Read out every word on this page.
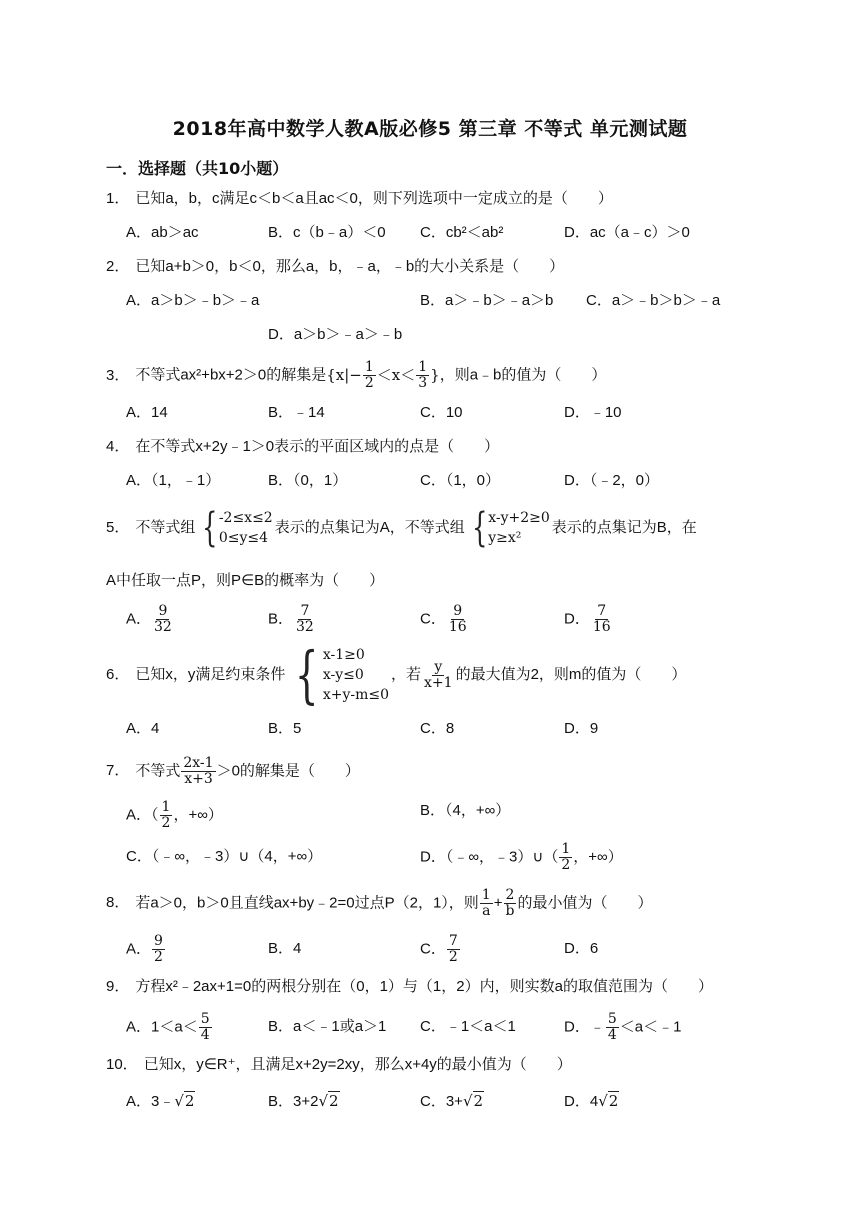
2018年高中数学人教A版必修5 第三章 不等式 单元测试题
一．选择题（共10小题）
1． 已知a，b，c满足c＜b＜a且ac＜0，则下列选项中一定成立的是（　　）
A．ab＞ac	B．c（b﹣a）＜0 C．cb²＜ab²	D．ac（a﹣c）＞0
2． 已知a+b＞0，b＜0，那么a，b，﹣a，﹣b的大小关系是（　　）
A．a＞b＞﹣b＞﹣a	B．a＞﹣b＞﹣a＞b C．a＞﹣b＞b＞﹣a
D．a＞b＞﹣a＞﹣b
3． 不等式ax²+bx+2＞0的解集是{$x|- \frac{1}{2} <x< \frac{1}{3}$ }，则a﹣b的值为（　　）
A．14	B．﹣14	C．10	D．﹣10
4． 在不等式x+2y﹣1＞0表示的平面区域内的点是（　　）
A．（1，﹣1）	B．（0，1）	C．（1，0）	D．（﹣2，0）
5． 不等式组 { -2≤x≤2
0≤y≤4
表示的点集记为A，不等式组 { x-y+2≥0
y≥x²
表示的点集记为B，在
A中任取一点P，则P∈B的概率为（　　）
A． $\frac{9}{32}$	B． $\frac{7}{32}$	C． $\frac{9}{16}$	D． $\frac{7}{16}$
6． 已知x，y满足约束条件 { x-1≥0
x-y≤0
x+y-m≤0
，若 $\frac{y}{x+1}$ 的最大值为2，则m的值为（　　）
A．4	B．5	C．8	D．9
7． 不等式 $\frac{2x-1}{x+3} >0$的解集是（　　）
A．（ $\frac{1}{2}$ ，+∞）	B．（4，+∞）
C．（﹣∞，﹣3）∪（4，+∞）	D．（﹣∞，﹣3）∪（ $\frac{1}{2}$ ，+∞）
8． 若a＞0，b＞0且直线ax+by﹣2=0过点P（2，1），则 $\frac{1}{a} + \frac{2}{b}$ 的最小值为（　　）
A． $\frac{9}{2}$	B．4	C． $\frac{7}{2}$	D．6
9． 方程x²﹣2ax+1=0的两根分别在（0，1）与（1，2）内，则实数a的取值范围为（　　）
A．$1<a< \frac{5}{4}$	B．a＜﹣1或a＞1 C．﹣1＜a＜1	D．﹣ $\frac{5}{4}$ ＜a＜﹣1
10． 已知x，y∈R⁺，且满足x+2y=2xy，那么x+4y的最小值为（　　）
A．3﹣√2	B．3+2√2	C．3+√2	D．4√2
